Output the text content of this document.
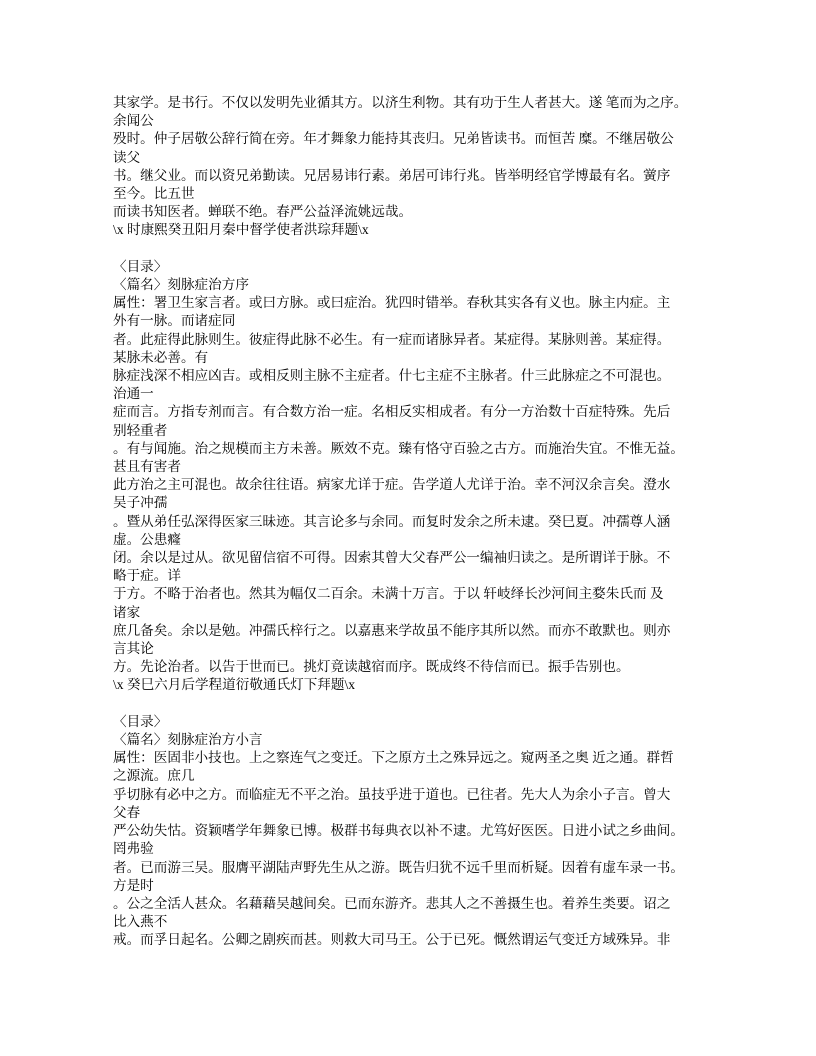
其家学。是书行。不仅以发明先业循其方。以济生利物。其有功于生人者甚大。遂 笔而为之序。
余闻公
殁时。仲子居敬公辞行简在旁。年才舞象力能持其丧归。兄弟皆读书。而恒苦 糜。不继居敬公
读父
书。继父业。而以资兄弟勤读。兄居易讳行素。弟居可讳行兆。皆举明经官学博最有名。黉序
至今。比五世
而读书知医者。蝉联不绝。春严公益泽流姚远哉。
\x 时康熙癸丑阳月秦中督学使者洪琮拜题\x
〈目录〉
〈篇名〉刻脉症治方序
属性：署卫生家言者。或曰方脉。或曰症治。犹四时错举。春秋其实各有义也。脉主内症。主
外有一脉。而诸症同
者。此症得此脉则生。彼症得此脉不必生。有一症而诸脉异者。某症得。某脉则善。某症得。
某脉未必善。有
脉症浅深不相应凶吉。或相反则主脉不主症者。什七主症不主脉者。什三此脉症之不可混也。
治通一
症而言。方指专剂而言。有合数方治一症。名相反实相成者。有分一方治数十百症特殊。先后
别轻重者
。有与闻施。治之规模而主方未善。厥效不克。臻有恪守百验之古方。而施治失宜。不惟无益。
甚且有害者
此方治之主可混也。故余往往语。病家尤详于症。告学道人尤详于治。幸不河汉余言矣。澄水
吴子冲孺
。暨从弟任弘深得医家三昧迹。其言论多与余同。而复时发余之所未逮。癸巳夏。冲孺尊人涵
虚。公患癃
闭。余以是过从。欲见留信宿不可得。因索其曾大父春严公一编袖归读之。是所谓详于脉。不
略于症。详
于方。不略于治者也。然其为幅仅二百余。未满十万言。于以 轩岐绎长沙河间主婺朱氏而 及
诸家
庶几备矣。余以是勉。冲孺氏梓行之。以嘉惠来学故虽不能序其所以然。而亦不敢默也。则亦
言其论
方。先论治者。以告于世而已。挑灯竟读越宿而序。既成终不待信而已。振手告别也。
\x 癸巳六月后学程道衍敬通氏灯下拜题\x
〈目录〉
〈篇名〉刻脉症治方小言
属性：医固非小技也。上之察连气之变迁。下之原方土之殊异远之。窥两圣之奥 近之通。群哲
之源流。庶几
乎切脉有必中之方。而临症无不平之治。虽技乎进于道也。已往者。先大人为余小子言。曾大
父春
严公幼失怙。资颖嗜学年舞象已博。极群书每典衣以补不逮。尤笃好医医。日进小试之乡曲间。
罔弗验
者。已而游三吴。服膺平湖陆声野先生从之游。既告归犹不远千里而析疑。因着有虚车录一书。
方是时
。公之全活人甚众。名藉藉吴越间矣。已而东游齐。悲其人之不善摄生也。着养生类要。诏之
比入燕不
戒。而孚日起名。公卿之剧疾而甚。则救大司马王。公于已死。慨然谓运气变迁方域殊异。非
